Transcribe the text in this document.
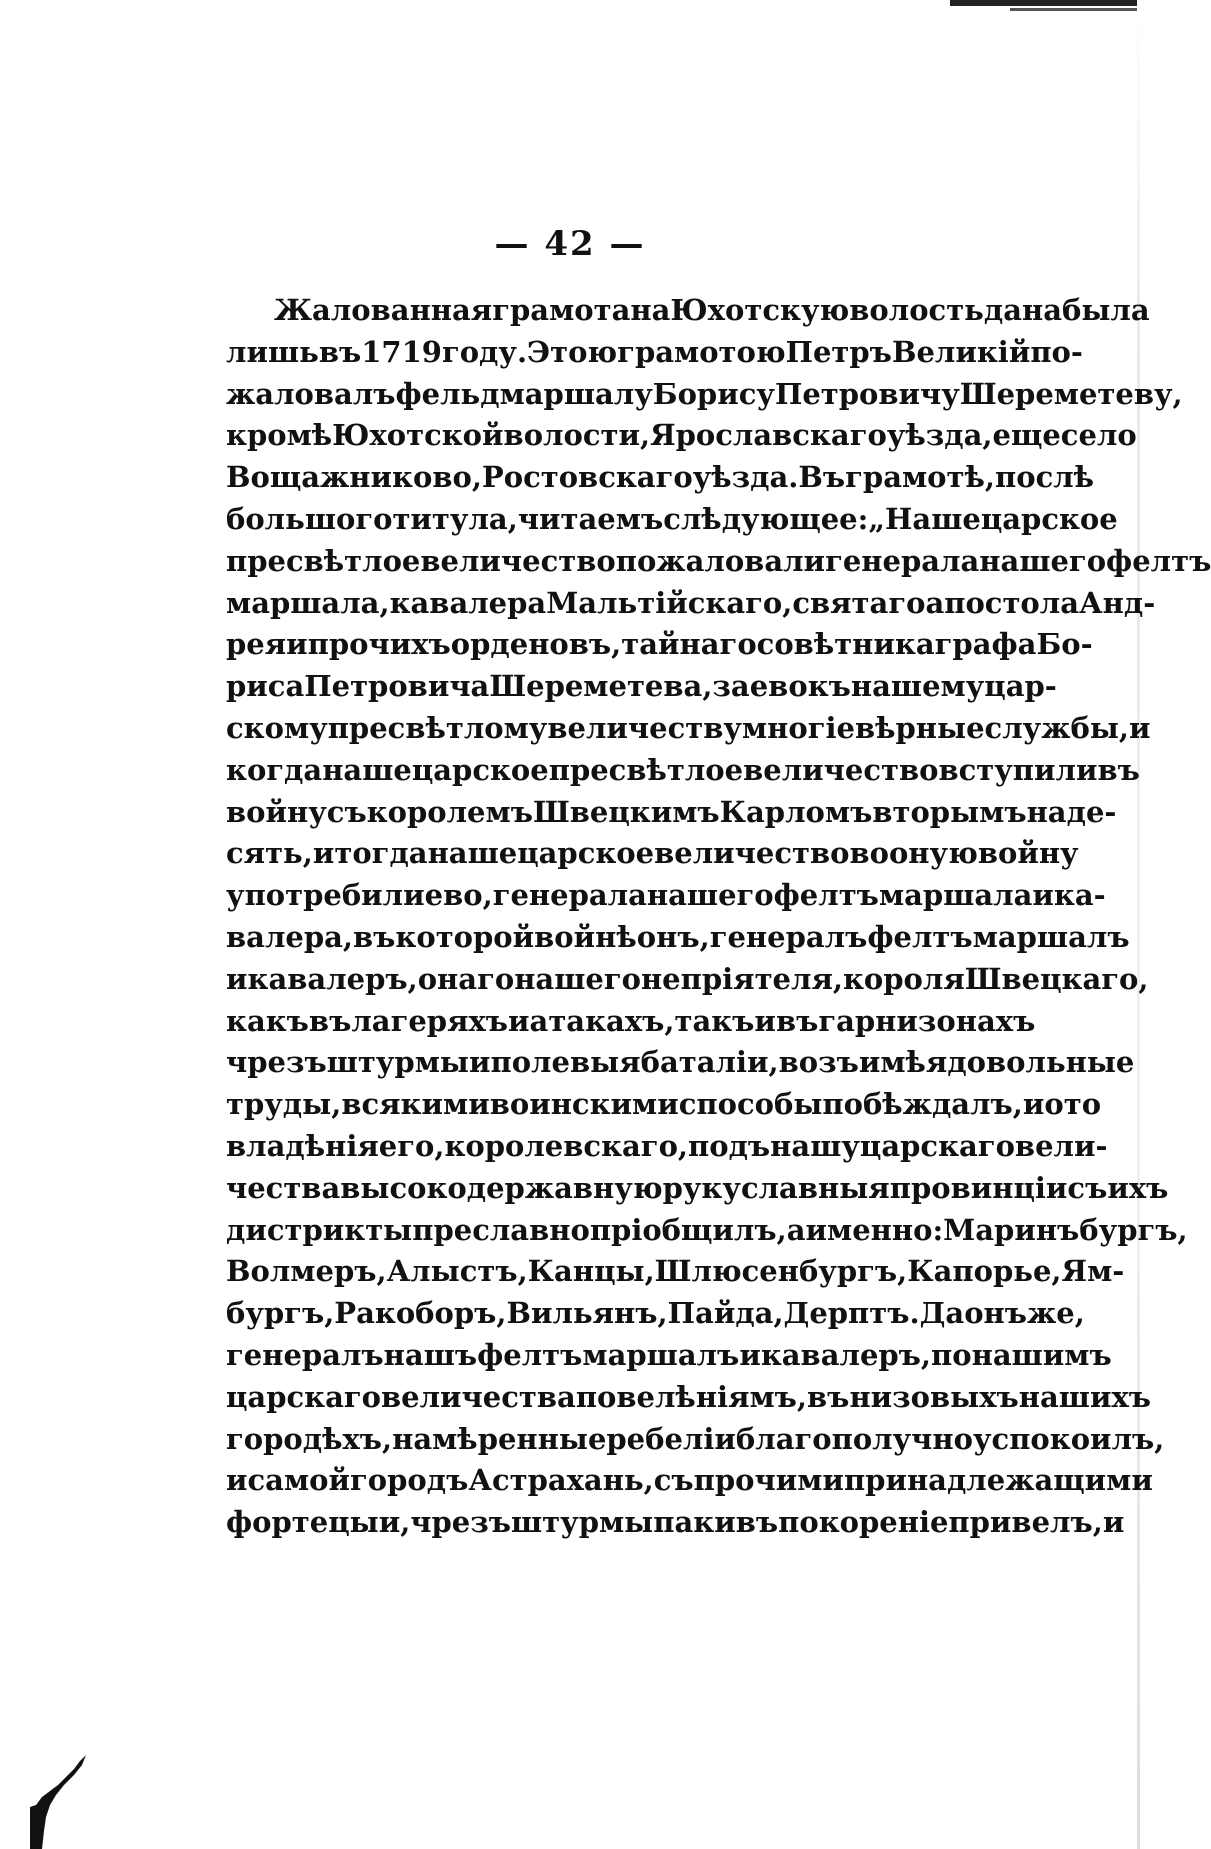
— 42 —
Жалованная грамота на Юхотскую волость дана была
лишь въ 1719 году. Этою грамотою Петръ Великій по-
жаловалъ фельдмаршалу Борису Петровичу Шереметеву,
кромѣ Юхотской волости, Ярославскаго уѣзда, еще село
Вощажниково, Ростовскаго уѣзда. Въ грамотѣ, послѣ
большого титула, читаемъ слѣдующее: „Наше царское
пресвѣтлое величество пожаловали генерала нашего фелтъ
маршала, кавалера Мальтійскаго, святаго апостола Анд-
рея и прочихъ орденовъ, тайнаго совѣтника графа Бо-
риса Петровича Шереметева, за ево къ нашему цар-
скому пресвѣтлому величеству многіе вѣрные службы, и
когда наше царское пресвѣтлое величество вступили въ
войну съ королемъ Швецкимъ Карломъ вторымъ на де-
сять, и тогда наше царское величество во оную войну
употребили ево, генерала нашего фелтъ маршала и ка-
валера, въ которой войнѣ онъ, генералъ фелтъ маршалъ
и кавалеръ, онаго нашего непріятеля, короля Швецкаго,
какъ въ лагеряхъ и атакахъ, такъ и въ гарнизонахъ
чрезъ штурмы и полевыя баталіи, возъимѣя довольные
труды, всякими воинскими способы побѣждалъ, и ото
владѣнія его, королевскаго, подъ нашу царскаго вели-
чества высокодержавную руку славныя провинціи съ ихъ
дистрикты преславно пріобщилъ, а именно: Маринъбургъ,
Волмеръ, Алыстъ, Канцы, Шлюсенбургъ, Капорье, Ям-
бургъ, Ракоборъ, Вильянъ, Пайда, Дерптъ. Да онъ же,
генералъ нашъ фелтъ маршалъ и кавалеръ, по нашимъ
царскаго величества повелѣніямъ, въ низовыхъ нашихъ
городѣхъ, намѣренные ребеліи благополучно успокоилъ,
и самой городъ Астрахань, съ прочими принадлежащими
фортецыи, чрезъ штурмы паки въ покореніе привелъ, и
